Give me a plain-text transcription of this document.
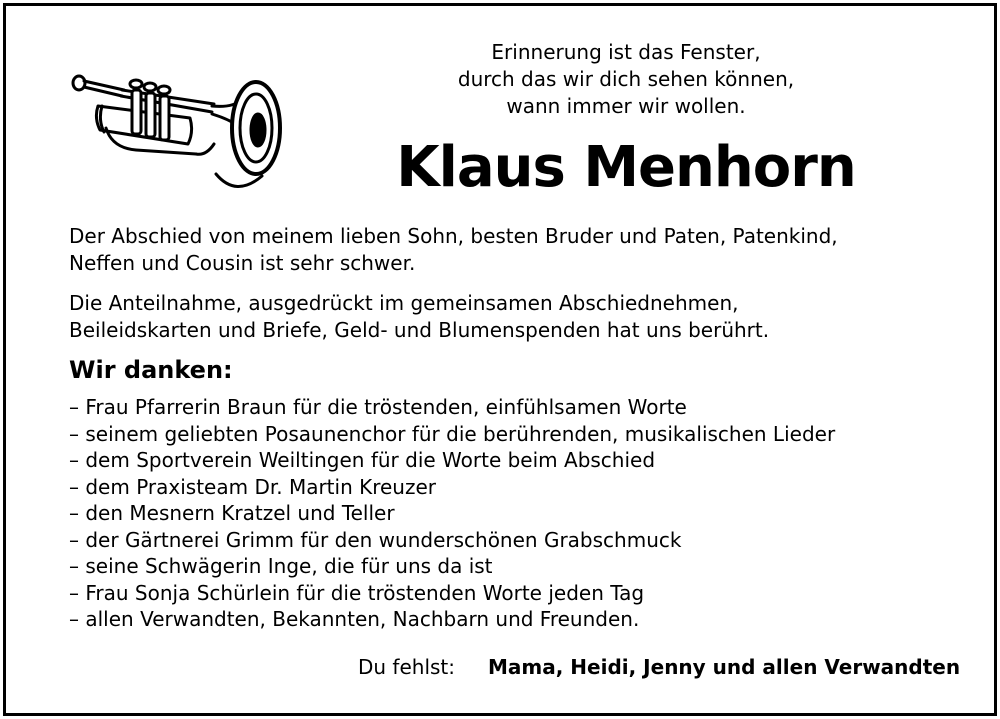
Erinnerung ist das Fenster,
durch das wir dich sehen können,
wann immer wir wollen.
Klaus Menhorn
Der Abschied von meinem lieben Sohn, besten Bruder und Paten, Patenkind,
Neffen und Cousin ist sehr schwer.
Die Anteilnahme, ausgedrückt im gemeinsamen Abschiednehmen,
Beileidskarten und Briefe, Geld- und Blumenspenden hat uns berührt.
Wir danken:
– Frau Pfarrerin Braun für die tröstenden, einfühlsamen Worte
– seinem geliebten Posaunenchor für die berührenden, musikalischen Lieder
– dem Sportverein Weiltingen für die Worte beim Abschied
– dem Praxisteam Dr. Martin Kreuzer
– den Mesnern Kratzel und Teller
– der Gärtnerei Grimm für den wunderschönen Grabschmuck
– seine Schwägerin Inge, die für uns da ist
– Frau Sonja Schürlein für die tröstenden Worte jeden Tag
– allen Verwandten, Bekannten, Nachbarn und Freunden.
Du fehlst: Mama, Heidi, Jenny und allen Verwandten
